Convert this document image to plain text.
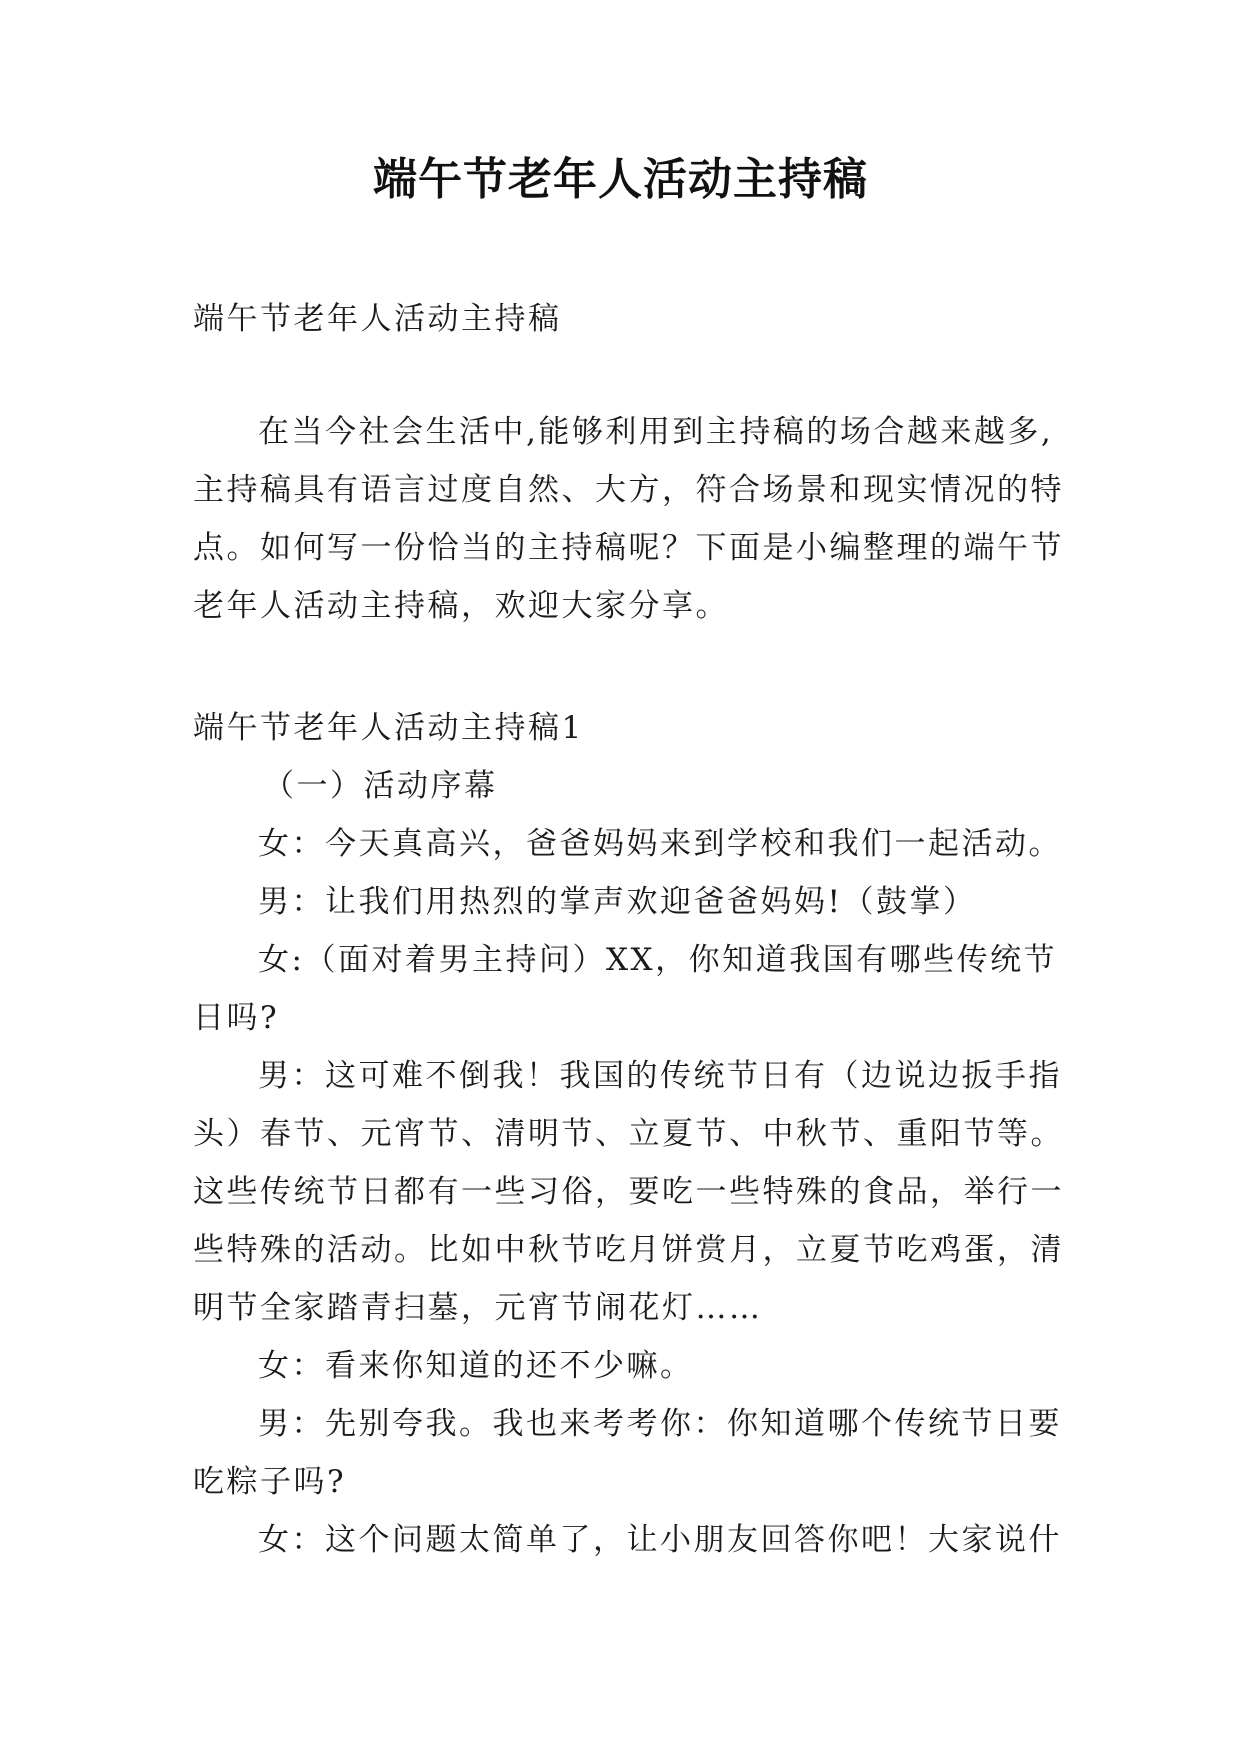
端午节老年人活动主持稿
端午节老年人活动主持稿
在当今社会生活中,能够利用到主持稿的场合越来越多,
主持稿具有语言过度自然、大方，符合场景和现实情况的特
点。如何写一份恰当的主持稿呢？下面是小编整理的端午节
老年人活动主持稿，欢迎大家分享。
端午节老年人活动主持稿1
（一）活动序幕
女：今天真高兴，爸爸妈妈来到学校和我们一起活动。
男：让我们用热烈的掌声欢迎爸爸妈妈!（鼓掌）
女:（面对着男主持问）XX，你知道我国有哪些传统节
日吗?
男：这可难不倒我！我国的传统节日有（边说边扳手指
头）春节、元宵节、清明节、立夏节、中秋节、重阳节等。
这些传统节日都有一些习俗，要吃一些特殊的食品，举行一
些特殊的活动。比如中秋节吃月饼赏月，立夏节吃鸡蛋，清
明节全家踏青扫墓，元宵节闹花灯……
女：看来你知道的还不少嘛。
男：先别夸我。我也来考考你：你知道哪个传统节日要
吃粽子吗?
女：这个问题太简单了，让小朋友回答你吧！大家说什
